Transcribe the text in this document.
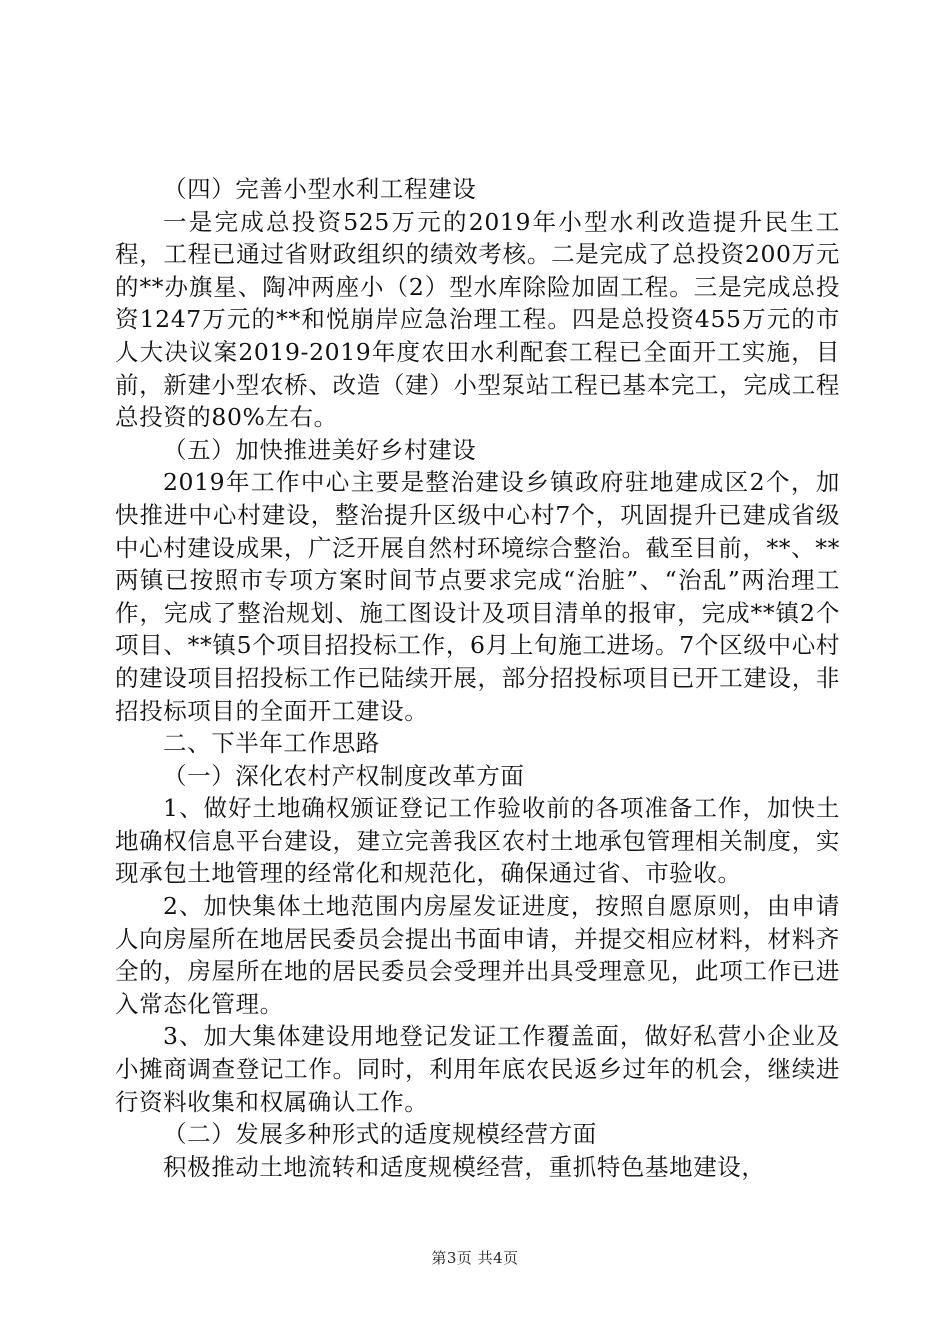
（四）完善小型水利工程建设

一是完成总投资525万元的2019年小型水利改造提升民生工程，工程已通过省财政组织的绩效考核。二是完成了总投资200万元的**办旗星、陶冲两座小（2）型水库除险加固工程。三是完成总投资1247万元的**和悦崩岸应急治理工程。四是总投资455万元的市人大决议案2019-2019年度农田水利配套工程已全面开工实施，目前，新建小型农桥、改造（建）小型泵站工程已基本完工，完成工程总投资的80%左右。

（五）加快推进美好乡村建设

2019年工作中心主要是整治建设乡镇政府驻地建成区2个，加快推进中心村建设，整治提升区级中心村7个，巩固提升已建成省级中心村建设成果，广泛开展自然村环境综合整治。截至目前，**、**两镇已按照市专项方案时间节点要求完成“治脏”、“治乱”两治理工作，完成了整治规划、施工图设计及项目清单的报审，完成**镇2个项目、**镇5个项目招投标工作，6月上旬施工进场。7个区级中心村的建设项目招投标工作已陆续开展，部分招投标项目已开工建设，非招投标项目的全面开工建设。

二、下半年工作思路

（一）深化农村产权制度改革方面

1、做好土地确权颁证登记工作验收前的各项准备工作，加快土地确权信息平台建设，建立完善我区农村土地承包管理相关制度，实现承包土地管理的经常化和规范化，确保通过省、市验收。

2、加快集体土地范围内房屋发证进度，按照自愿原则，由申请人向房屋所在地居民委员会提出书面申请，并提交相应材料，材料齐全的，房屋所在地的居民委员会受理并出具受理意见，此项工作已进入常态化管理。

3、加大集体建设用地登记发证工作覆盖面，做好私营小企业及小摊商调查登记工作。同时，利用年底农民返乡过年的机会，继续进行资料收集和权属确认工作。

（二）发展多种形式的适度规模经营方面

积极推动土地流转和适度规模经营，重抓特色基地建设，

第3页 共4页
